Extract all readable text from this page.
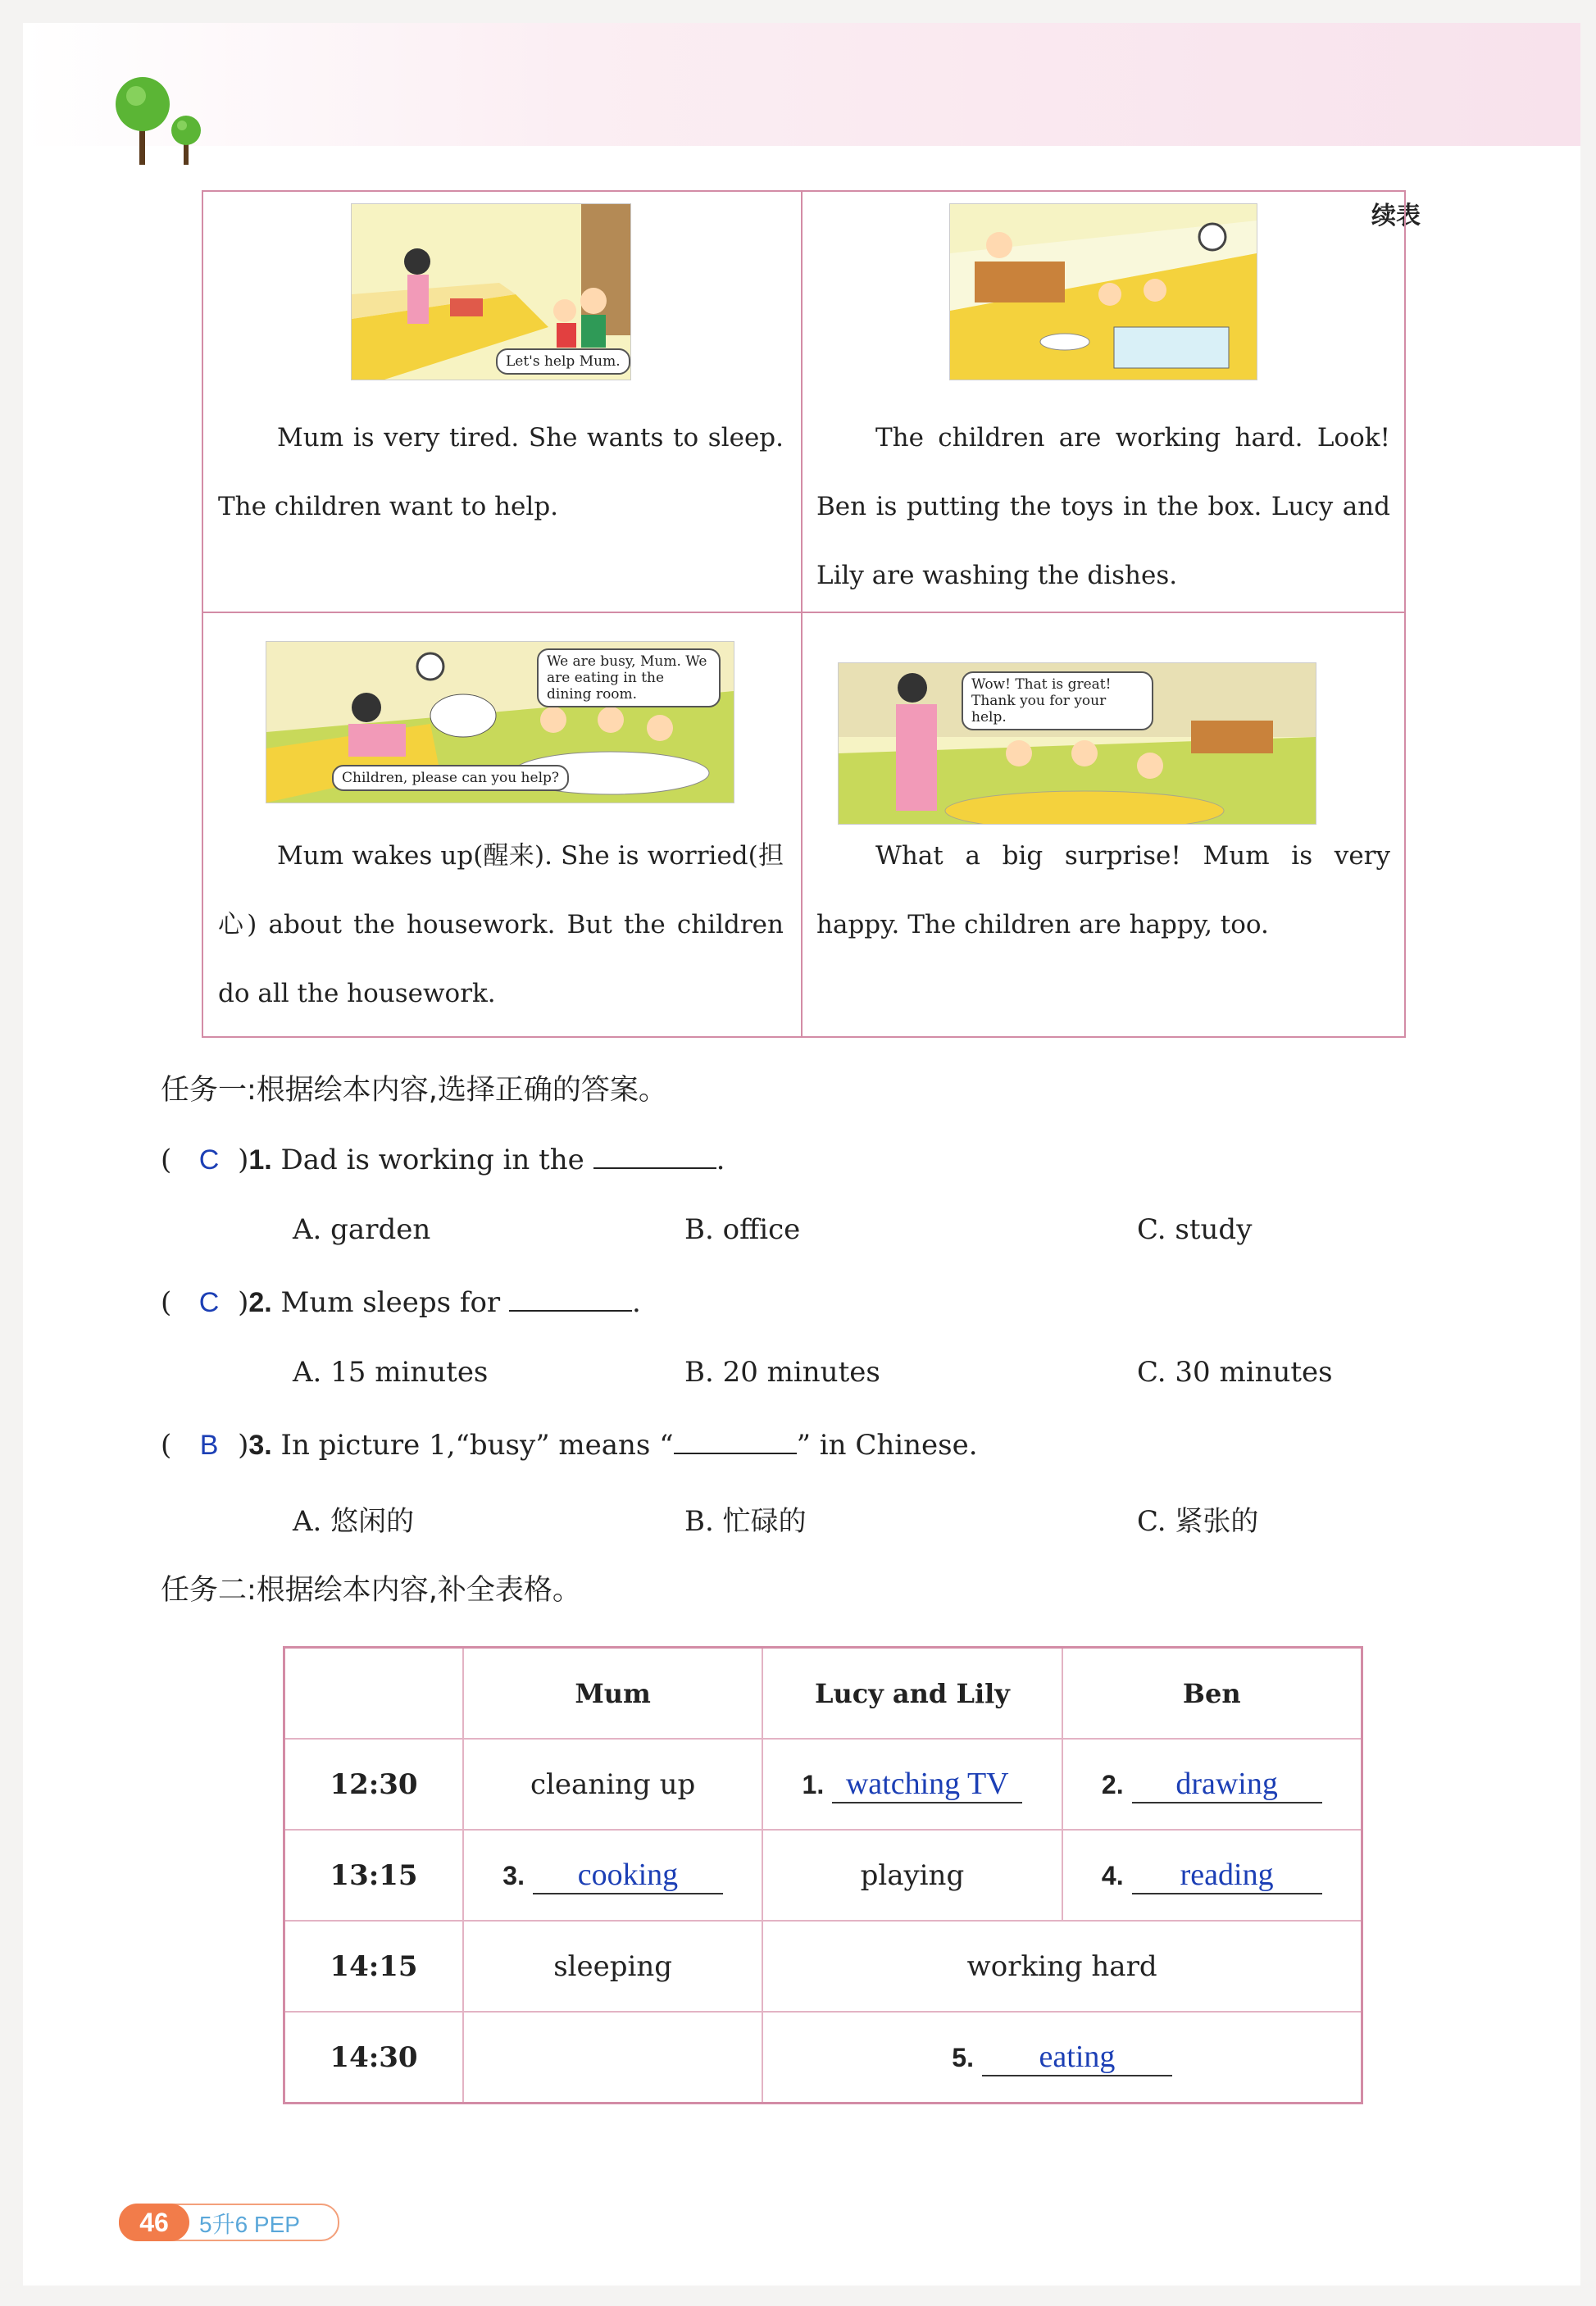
续表
Let's help Mum.

Mum is very tired. She wants to sleep. The children want to help.

The children are working hard. Look! Ben is putting the toys in the box. Lucy and Lily are washing the dishes.

We are busy, Mum. We are eating in the dining room.
Children, please can you help?

Mum wakes up(醒来). She is worried(担心) about the housework. But the children do all the housework.

Wow! That is great! Thank you for your help.

What a big surprise! Mum is very happy. The children are happy, too.

任务一:根据绘本内容,选择正确的答案。
( C )1. Dad is working in the	.
A. garden	B. office	C. study
( C )2. Mum sleeps for	.
A. 15 minutes	B. 20 minutes	C. 30 minutes
( B )3. In picture 1,“busy” means “	” in Chinese.
A. 悠闲的	B. 忙碌的	C. 紧张的
任务二:根据绘本内容,补全表格。
	Mum	Lucy and Lily	Ben
12:30	cleaning up	1. watching TV	2. drawing
13:15	3. cooking	playing	4. reading
14:15	sleeping	working hard	
14:30		5. eating	
46	5升6 PEP
